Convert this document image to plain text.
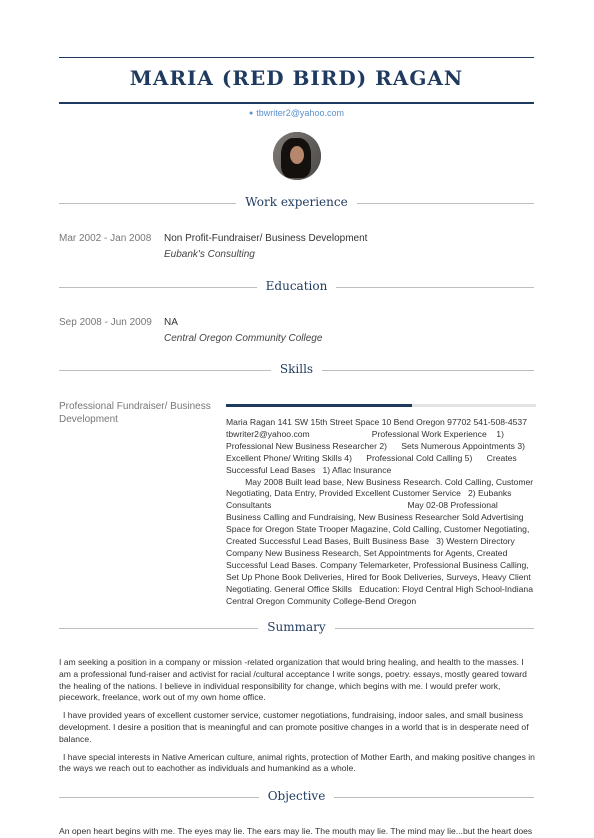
MARIA (RED BIRD) RAGAN
● tbwriter2@yahoo.com
Work experience
Mar 2002 - Jan 2008 Non Profit-Fundraiser/ Business Development
Eubank's Consulting
Education
Sep 2008 - Jun 2009 NA
Central Oregon Community College
Skills
Professional Fundraiser/ Business Development	Maria Ragan 141 SW 15th Street Space 10 Bend Oregon 97702 541-508-4537
tbwriter2@yahoo.com                          Professional Work Experience    1)
Professional New Business Researcher 2)      Sets Numerous Appointments 3)
Excellent Phone/ Writing Skills 4)      Professional Cold Calling 5)      Creates
Successful Lead Bases   1) Aflac Insurance
May 2008 Built lead base, New Business Research. Cold Calling, Customer
Negotiating, Data Entry, Provided Excellent Customer Service   2) Eubanks
Consultants                                                         May 02-08 Professional
Business Calling and Fundraising, New Business Researcher Sold Advertising
Space for Oregon State Trooper Magazine, Cold Calling, Customer Negotiating,
Created Successful Lead Bases, Built Business Base   3) Western Directory
Company New Business Research, Set Appointments for Agents, Created
Successful Lead Bases. Company Telemarketer, Professional Business Calling,
Set Up Phone Book Deliveries, Hired for Book Deliveries, Surveys, Heavy Client
Negotiating. General Office Skills   Education: Floyd Central High School-Indiana
Central Oregon Community College-Bend Oregon
Summary

I am seeking a position in a company or mission -related organization that would bring healing, and health to the masses. I am a professional fund-raiser and activist for racial /cultural acceptance I write songs, poetry. essays, mostly geared toward the healing of the nations. I believe in individual responsibility for change, which begins with me. I would prefer work, piecework, freelance, work out of my own home office.

I have provided years of excellent customer service, customer negotiations, fundraising, indoor sales, and small business development. I desire a position that is meaningful and can promote positive changes in a world that is in desperate need of balance.

I have special interests in Native American culture, animal rights, protection of Mother Earth, and making positive changes in the ways we reach out to eachother as individuals and humankind as a whole.

Objective
An open heart begins with me. The eyes may lie. The ears may lie. The mouth may lie. The mind may lie...but the heart does
